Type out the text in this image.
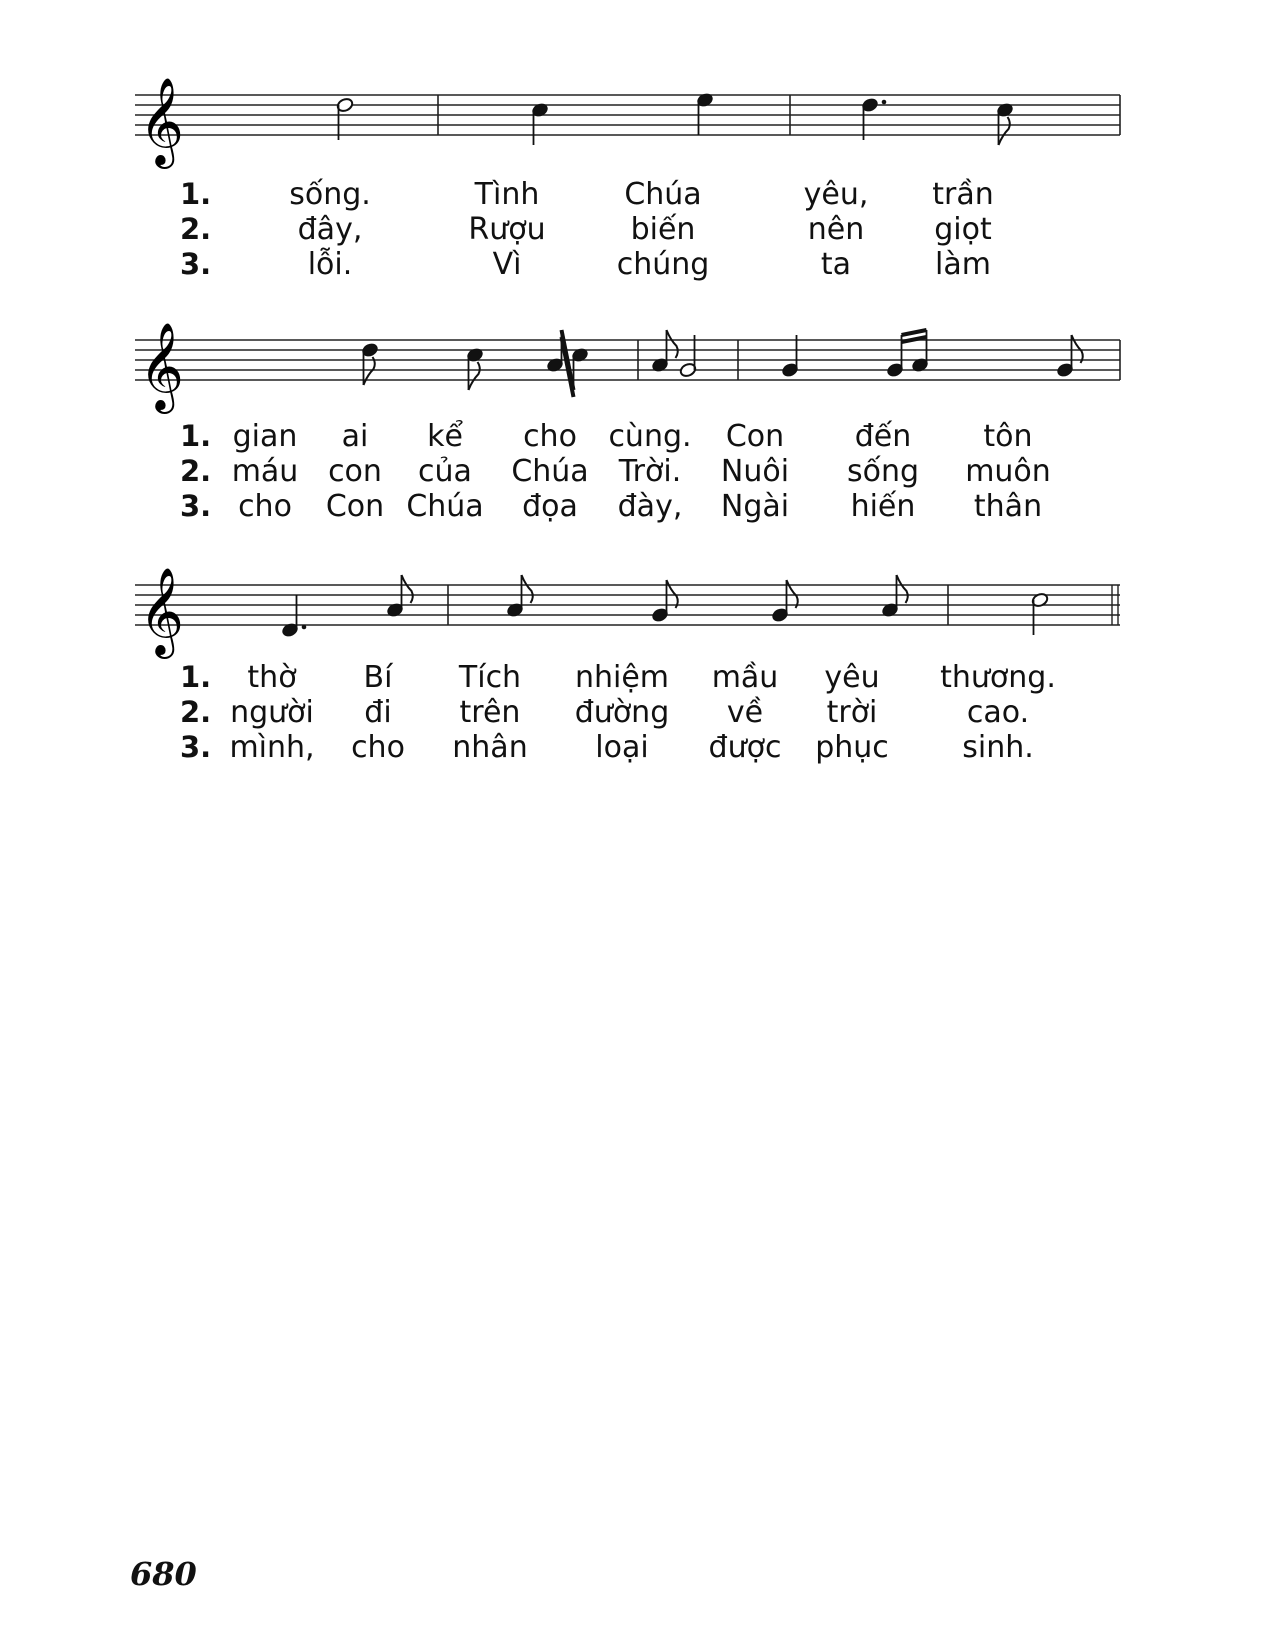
𝄞
𝄞
𝄞
1.	sống.	Tình	Chúa	yêu, trần
2.	đây,	Rượu	biến	nên giọt
3.	lỗi.	Vì	chúng	ta	làm
1. gian ai kể cho cùng. Con đến tôn
2. máu con của Chúa Trời. Nuôi sống muôn
3. cho Con Chúa đọa đày, Ngài hiến thân
1. thờ Bí Tích nhiệm mầu yêu thương.
2. người đi trên đường về trời	cao.
3. mình, cho nhân loại được phục sinh.
680
